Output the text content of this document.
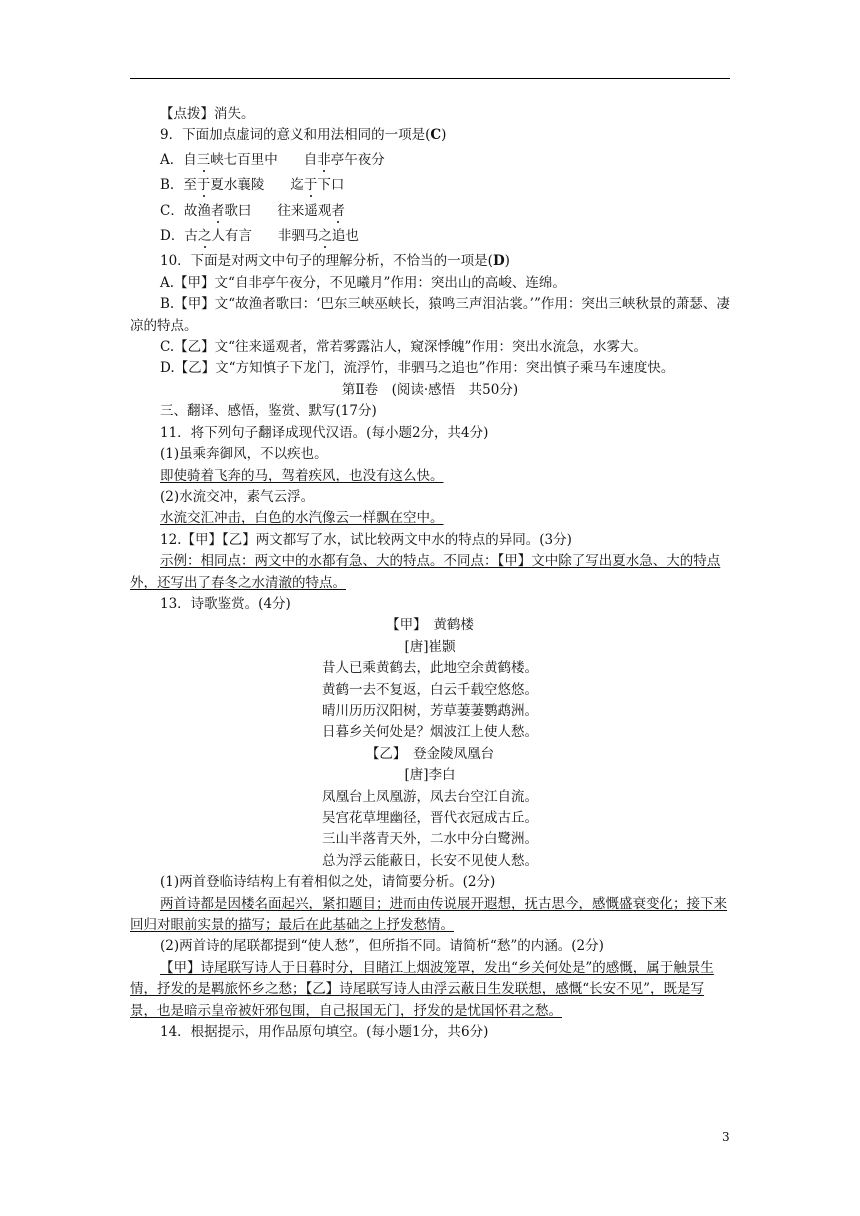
【点拨】消失。
9．下面加点虚词的意义和用法相同的一项是(C)
A．自三峡七百里中 自非亭午夜分
B．至于夏水襄陵 迄于下口
C．故渔者歌曰 往来遥观者
D．古之人有言 非驷马之追也
10．下面是对两文中句子的理解分析，不恰当的一项是(D)
A.【甲】文“自非亭午夜分，不见曦月”作用：突出山的高峻、连绵。
B.【甲】文“故渔者歌曰：‘巴东三峡巫峡长，猿鸣三声泪沾裳。’”作用：突出三峡秋景的萧瑟、凄凉的特点。
C.【乙】文“往来遥观者，常若雾露沾人，窥深悸魄”作用：突出水流急，水雾大。
D.【乙】文“方知慎子下龙门，流浮竹，非驷马之追也”作用：突出慎子乘马车速度快。
第Ⅱ卷　(阅读·感悟　共50分)
三、翻译、感悟，鉴赏、默写(17分)
11．将下列句子翻译成现代汉语。(每小题2分，共4分)
(1)虽乘奔御风，不以疾也。
即使骑着飞奔的马，驾着疾风，也没有这么快。
(2)水流交冲，素气云浮。
水流交汇冲击，白色的水汽像云一样飘在空中。
12.【甲】【乙】两文都写了水，试比较两文中水的特点的异同。(3分)
示例：相同点：两文中的水都有急、大的特点。不同点：【甲】文中除了写出夏水急、大的特点外，还写出了春冬之水清澈的特点。
13．诗歌鉴赏。(4分)
【甲】　黄鹤楼
[唐]崔颢
昔人已乘黄鹤去，此地空余黄鹤楼。
黄鹤一去不复返，白云千载空悠悠。
晴川历历汉阳树，芳草萋萋鹦鹉洲。
日暮乡关何处是？烟波江上使人愁。
【乙】　登金陵凤凰台
[唐]李白
凤凰台上凤凰游，凤去台空江自流。
吴宫花草埋幽径，晋代衣冠成古丘。
三山半落青天外，二水中分白鹭洲。
总为浮云能蔽日，长安不见使人愁。
(1)两首登临诗结构上有着相似之处，请简要分析。(2分)
两首诗都是因楼名面起兴，紧扣题目；进而由传说展开遐想，抚古思今，感慨盛衰变化；接下来回归对眼前实景的描写；最后在此基础之上抒发愁情。
(2)两首诗的尾联都提到“使人愁”，但所指不同。请简析“愁”的内涵。(2分)
【甲】诗尾联写诗人于日暮时分，目睹江上烟波笼罩，发出“乡关何处是”的感慨，属于触景生情，抒发的是羁旅怀乡之愁；【乙】诗尾联写诗人由浮云蔽日生发联想，感慨“长安不见”，既是写景，也是暗示皇帝被奸邪包围，自己报国无门，抒发的是忧国怀君之愁。
14．根据提示，用作品原句填空。(每小题1分，共6分)
3
